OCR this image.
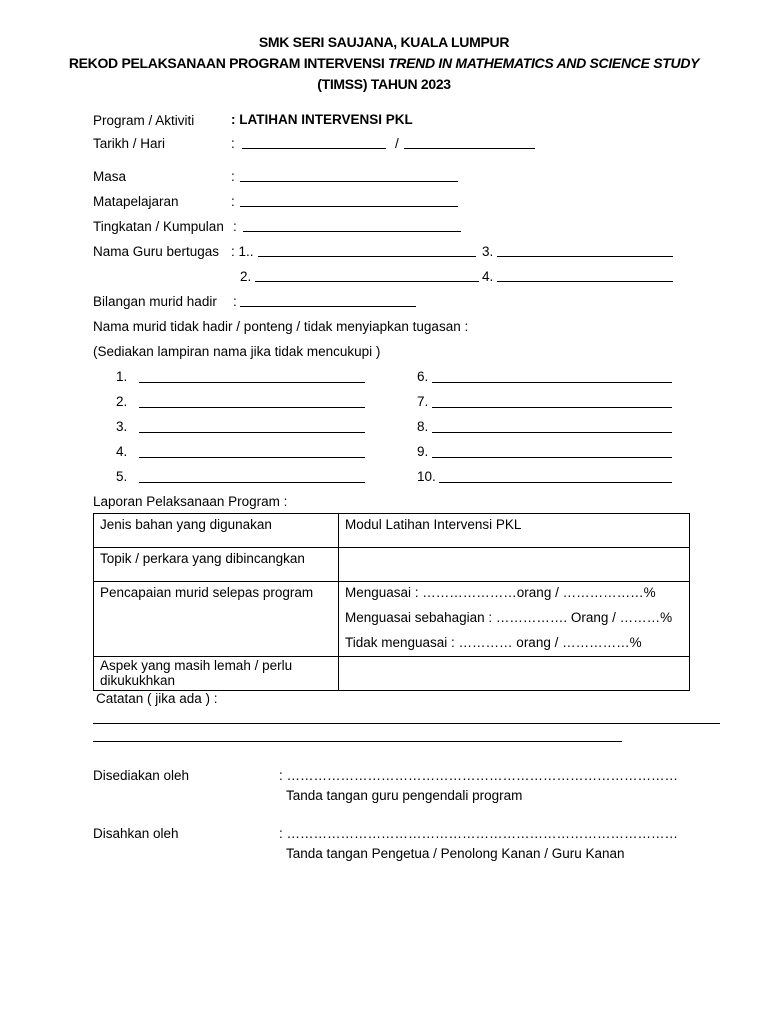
SMK SERI SAUJANA, KUALA LUMPUR
REKOD PELAKSANAAN PROGRAM INTERVENSI TREND IN MATHEMATICS AND SCIENCE STUDY
(TIMSS) TAHUN 2023
Program / Aktiviti	: LATIHAN INTERVENSI PKL
Tarikh / Hari	:	/
Masa	:
Matapelajaran	:
Tingkatan / Kumpulan :
Nama Guru bertugas : 1..	3.
2.	4.
Bilangan murid hadir :
Nama murid tidak hadir / ponteng / tidak menyiapkan tugasan :
(Sediakan lampiran nama jika tidak mencukupi )
1.
2.
3.
4.
5.
6.
7.
8.
9.
10.
Laporan Pelaksanaan Program :
Jenis bahan yang digunakan	Modul Latihan Intervensi PKL
Topik / perkara yang dibincangkan	
Pencapaian murid selepas program	Menguasai : …………………orang / ………………%
Menguasai sebahagian : ……………. Orang / ………%
Tidak menguasai : ………… orang / ……………%

Aspek yang masih lemah / perlu dikukukhkan	
Catatan ( jika ada ) :
Disediakan oleh	: ……………………………………………………………………………
Tanda tangan guru pengendali program
Disahkan oleh	: ……………………………………………………………………………
Tanda tangan Pengetua / Penolong Kanan / Guru Kanan
